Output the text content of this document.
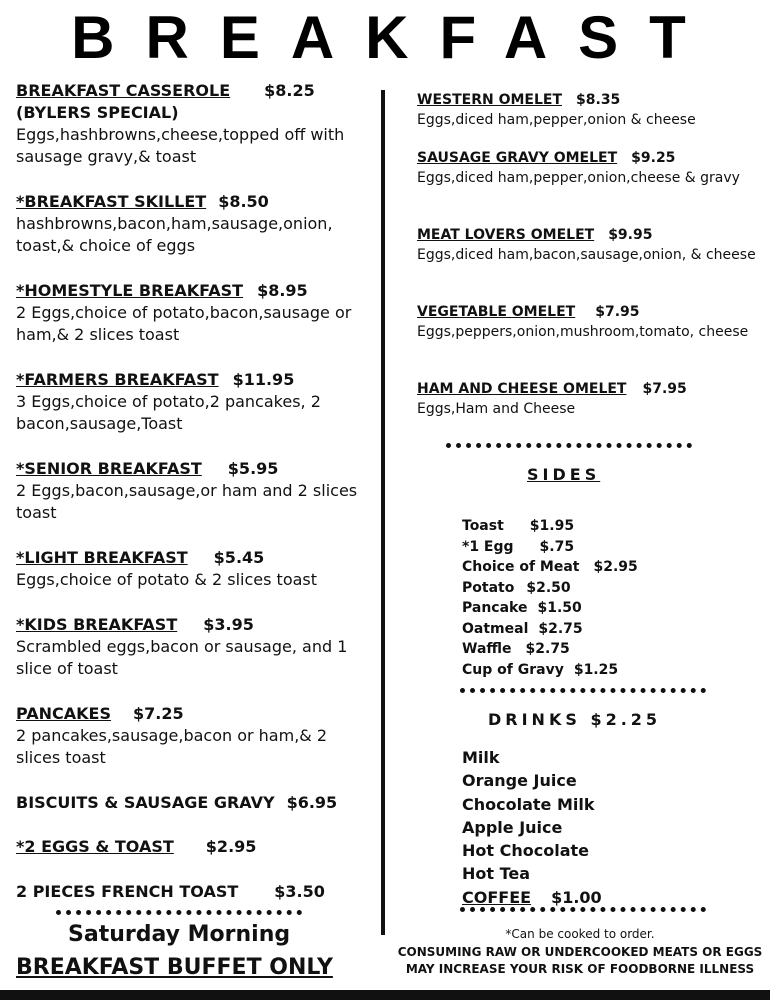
BREAKFAST
BREAKFAST CASSEROLE $8.25
(BYLERS SPECIAL)
Eggs,hashbrowns,cheese,topped off with sausage gravy,& toast
*BREAKFAST SKILLET $8.50
hashbrowns,bacon,ham,sausage,onion, toast,& choice of eggs
*HOMESTYLE BREAKFAST $8.95
2 Eggs,choice of potato,bacon,sausage or ham,& 2 slices toast
*FARMERS BREAKFAST $11.95
3 Eggs,choice of potato,2 pancakes, 2 bacon,sausage,Toast
*SENIOR BREAKFAST $5.95
2 Eggs,bacon,sausage,or ham and 2 slices toast
*LIGHT BREAKFAST $5.45
Eggs,choice of potato & 2 slices toast
*KIDS BREAKFAST $3.95
Scrambled eggs,bacon or sausage, and 1 slice of toast
PANCAKES $7.25
2 pancakes,sausage,bacon or ham,& 2 slices toast
BISCUITS & SAUSAGE GRAVY $6.95
*2 EGGS & TOAST $2.95
2 PIECES FRENCH TOAST $3.50
WESTERN OMELET $8.35
Eggs,diced ham,pepper,onion & cheese
SAUSAGE GRAVY OMELET $9.25
Eggs,diced ham,pepper,onion,cheese & gravy
MEAT LOVERS OMELET $9.95
Eggs,diced ham,bacon,sausage,onion, & cheese
VEGETABLE OMELET $7.95
Eggs,peppers,onion,mushroom,tomato, cheese
HAM AND CHEESE OMELET $7.95
Eggs,Ham and Cheese
SIDES
Toast $1.95
*1 Egg $.75
Choice of Meat $2.95
Potato $2.50
Pancake $1.50
Oatmeal $2.75
Waffle $2.75
Cup of Gravy $1.25
DRINKS $2.25
Milk
Orange Juice
Chocolate Milk
Apple Juice
Hot Chocolate
Hot Tea
COFFEE $1.00
*Can be cooked to order.
CONSUMING RAW OR UNDERCOOKED MEATS OR EGGS
MAY INCREASE YOUR RISK OF FOODBORNE ILLNESS
Saturday Morning
BREAKFAST BUFFET ONLY
